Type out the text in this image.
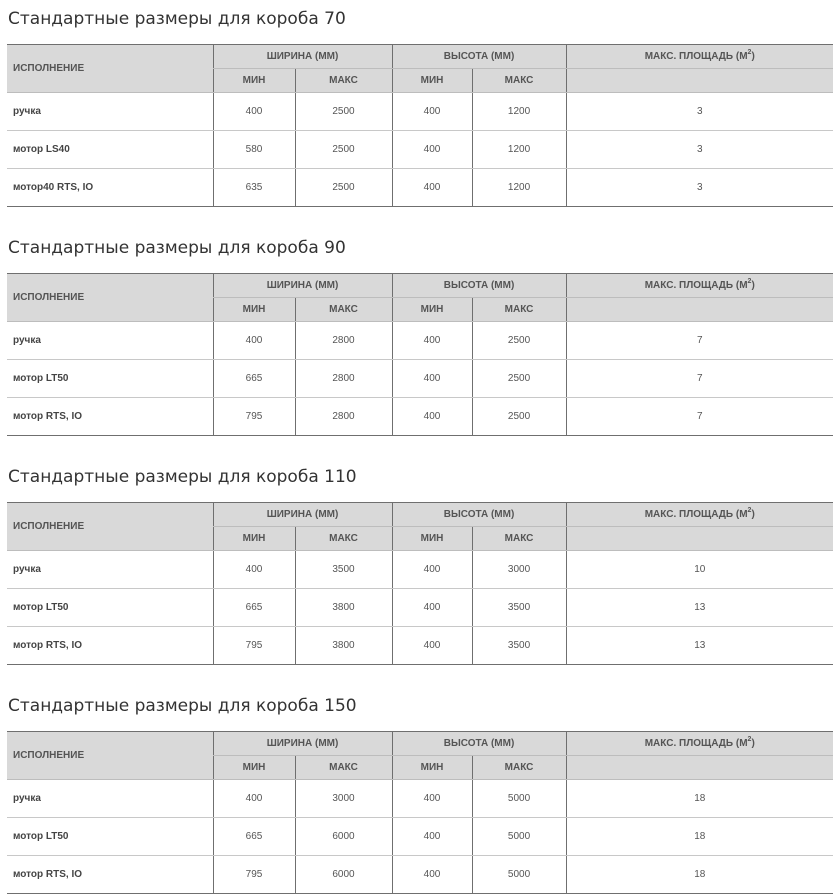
Стандартные размеры для короба 70
ИСПОЛНЕНИЕ	ШИРИНА (ММ)		ВЫСОТА (ММ)		МАКС. ПЛОЩАДЬ $(М^2)$
	МИН	МАКС	МИН	МАКС	
ручка	400	2500	400	1200	3
мотор LS40	580	2500	400	1200	3
мотор40 RTS, IO	635	2500	400	1200	3
Стандартные размеры для короба 90
ИСПОЛНЕНИЕ	ШИРИНА (ММ)		ВЫСОТА (ММ)		МАКС. ПЛОЩАДЬ $(М^2)$
	МИН	МАКС	МИН	МАКС	
ручка	400	2800	400	2500	7
мотор LT50	665	2800	400	2500	7
мотор RTS, IO	795	2800	400	2500	7
Стандартные размеры для короба 110
ИСПОЛНЕНИЕ	ШИРИНА (ММ)		ВЫСОТА (ММ)		МАКС. ПЛОЩАДЬ $(М^2)$
	МИН	МАКС	МИН	МАКС	
ручка	400	3500	400	3000	10
мотор LT50	665	3800	400	3500	13
мотор RTS, IO	795	3800	400	3500	13
Стандартные размеры для короба 150
ИСПОЛНЕНИЕ	ШИРИНА (ММ)		ВЫСОТА (ММ)		МАКС. ПЛОЩАДЬ $(М^2)$
	МИН	МАКС	МИН	МАКС	
ручка	400	3000	400	5000	18
мотор LT50	665	6000	400	5000	18
мотор RTS, IO	795	6000	400	5000	18
